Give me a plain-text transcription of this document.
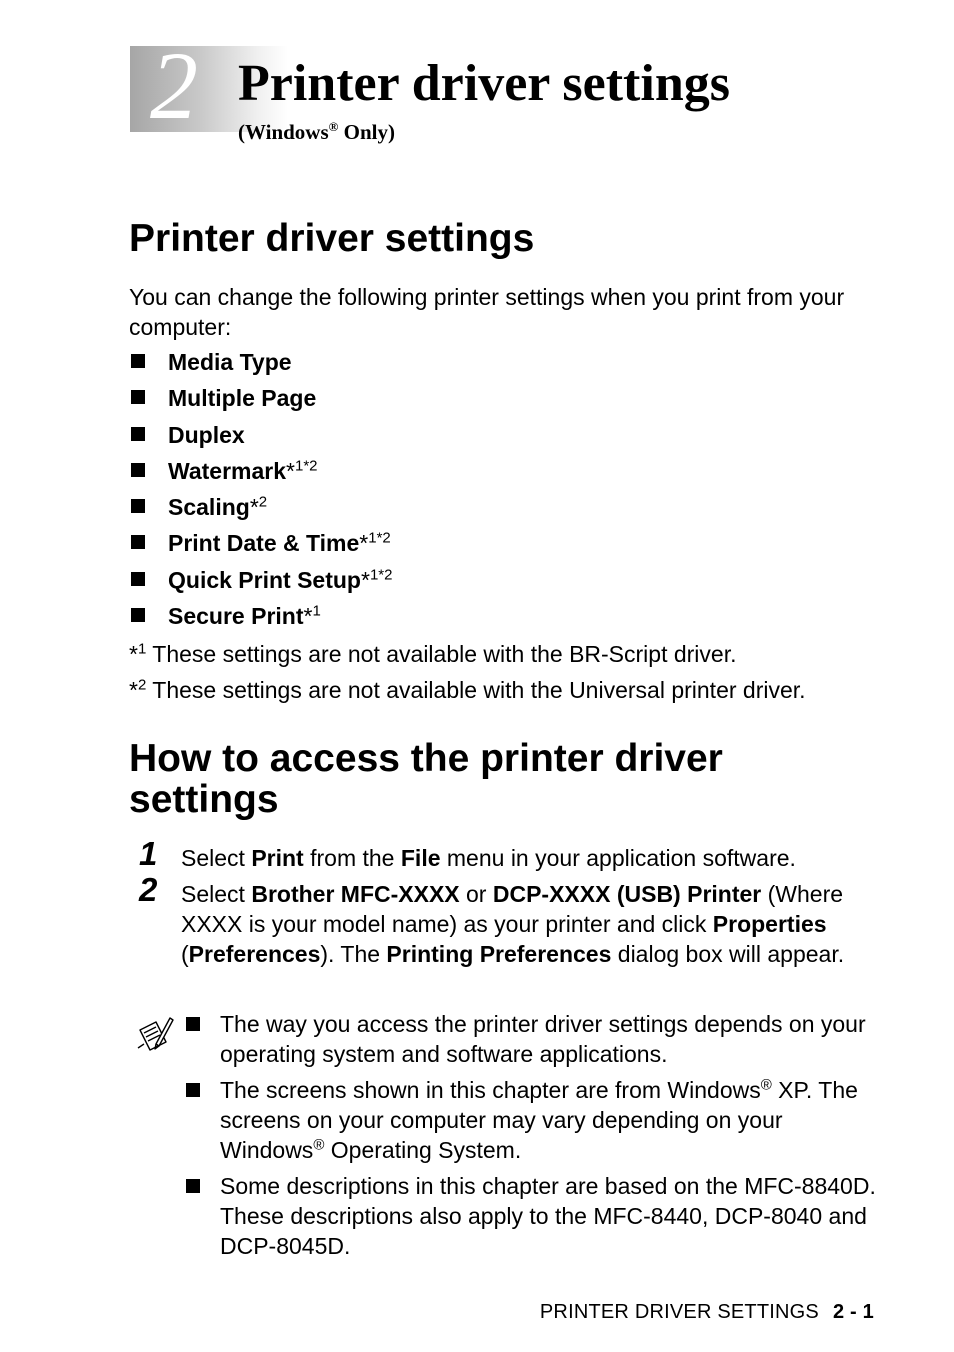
2 Printer driver settings
(Windows® Only)
Printer driver settings
You can change the following printer settings when you print from your computer:
Media Type
Multiple Page
Duplex
Watermark*$^{1*2}$
Scaling*$^2$
Print Date & Time*$^{1*2}$
Quick Print Setup*$^{1*2}$
Secure Print*$^1$
*$^1$ These settings are not available with the BR-Script driver.
*$^2$ These settings are not available with the Universal printer driver.
How to access the printer driver
settings
1 Select Print from the File menu in your application software.
2 Select Brother MFC-XXXX or DCP-XXXX (USB) Printer (Where XXXX is your model name) as your printer and click Properties (Preferences). The Printing Preferences dialog box will appear.
The way you access the printer driver settings depends on your operating system and software applications.
The screens shown in this chapter are from Windows® XP. The screens on your computer may vary depending on your Windows® Operating System.
Some descriptions in this chapter are based on the MFC-8840D. These descriptions also apply to the MFC-8440, DCP-8040 and DCP-8045D.
PRINTER DRIVER SETTINGS 2 - 1
